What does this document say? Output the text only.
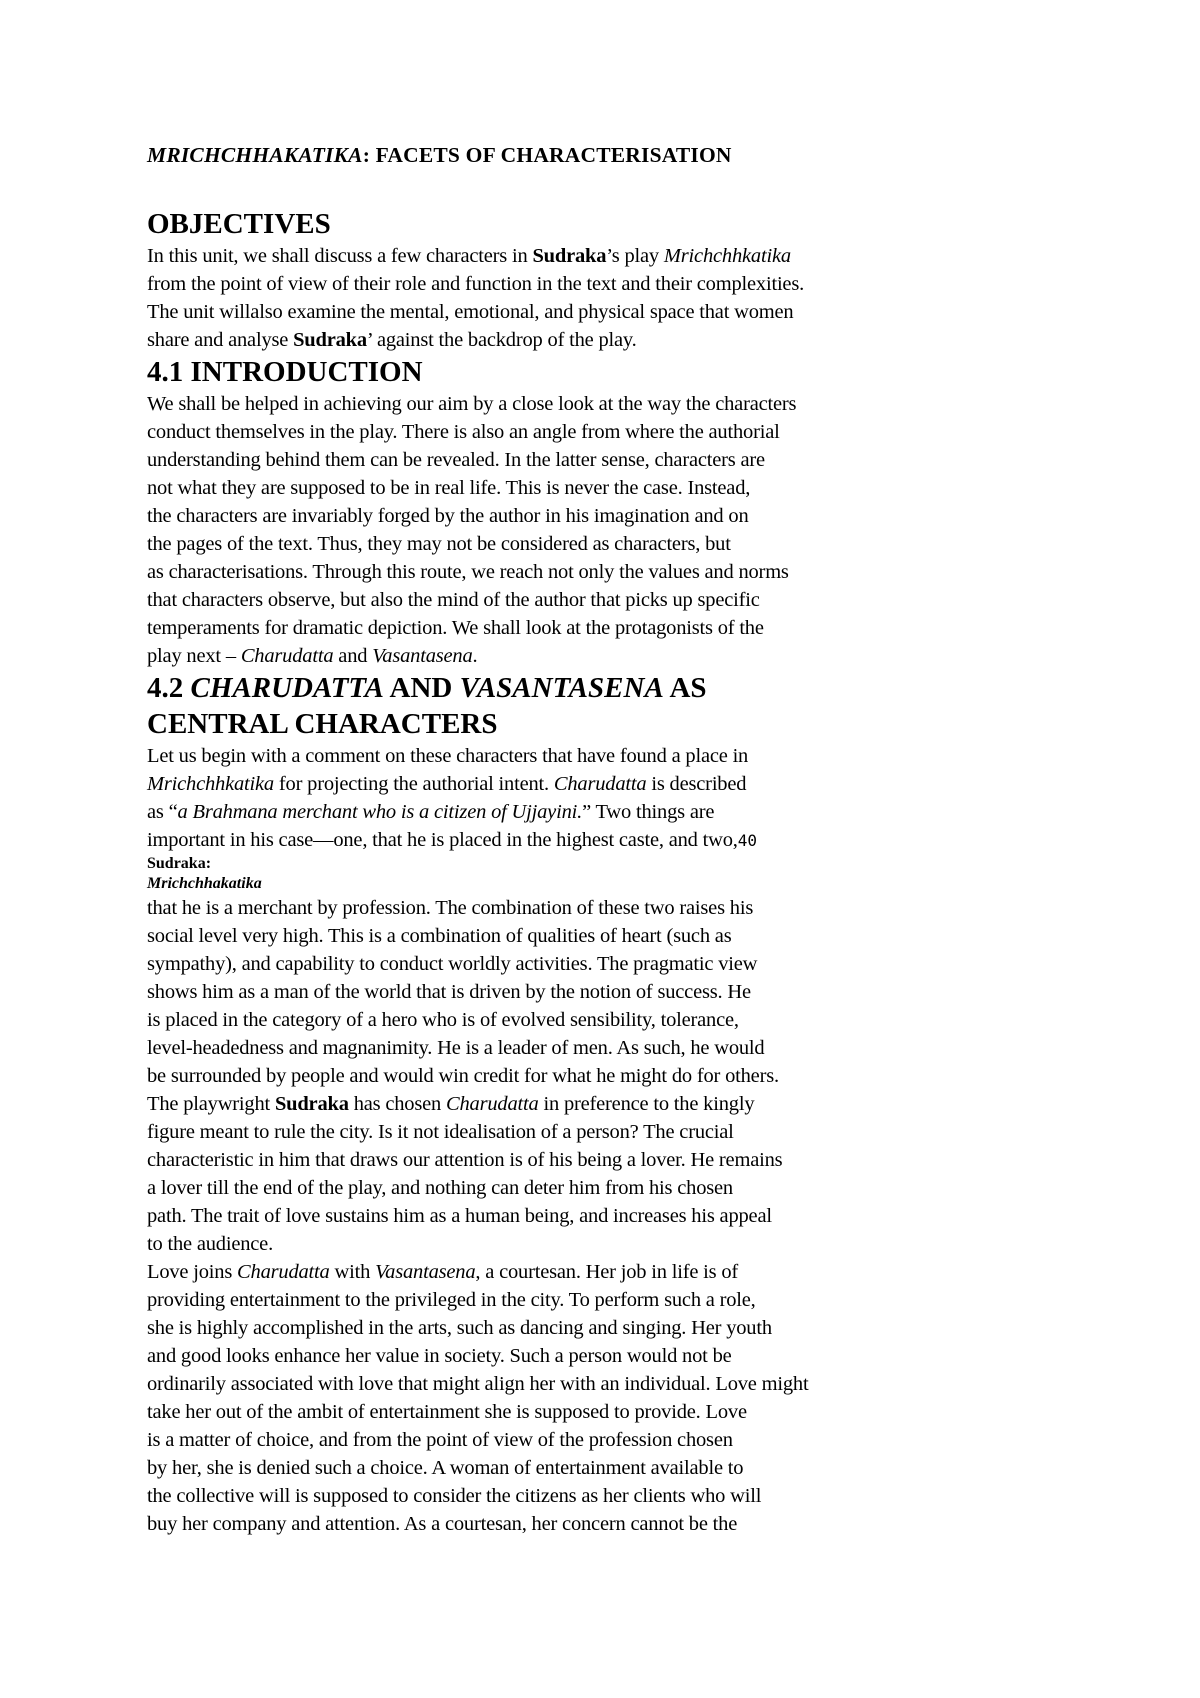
MRICHCHHAKATIKA: FACETS OF CHARACTERISATION
OBJECTIVES
In this unit, we shall discuss a few characters in Sudraka’s play Mrichchhkatika
from the point of view of their role and function in the text and their complexities.
The unit willalso examine the mental, emotional, and physical space that women
share and analyse Sudraka’ against the backdrop of the play.
4.1 INTRODUCTION
We shall be helped in achieving our aim by a close look at the way the characters
conduct themselves in the play. There is also an angle from where the authorial
understanding behind them can be revealed. In the latter sense, characters are
not what they are supposed to be in real life. This is never the case. Instead,
the characters are invariably forged by the author in his imagination and on
the pages of the text. Thus, they may not be considered as characters, but
as characterisations. Through this route, we reach not only the values and norms
that characters observe, but also the mind of the author that picks up specific
temperaments for dramatic depiction. We shall look at the protagonists of the
play next – Charudatta and Vasantasena.
4.2 CHARUDATTA AND VASANTASENA AS
CENTRAL CHARACTERS
Let us begin with a comment on these characters that have found a place in
Mrichchhkatika for projecting the authorial intent. Charudatta is described
as “a Brahmana merchant who is a citizen of Ujjayini.” Two things are
important in his case—one, that he is placed in the highest caste, and two,40
Sudraka:
Mrichchhakatika
that he is a merchant by profession. The combination of these two raises his
social level very high. This is a combination of qualities of heart (such as
sympathy), and capability to conduct worldly activities. The pragmatic view
shows him as a man of the world that is driven by the notion of success. He
is placed in the category of a hero who is of evolved sensibility, tolerance,
level-headedness and magnanimity. He is a leader of men. As such, he would
be surrounded by people and would win credit for what he might do for others.
The playwright Sudraka has chosen Charudatta in preference to the kingly
figure meant to rule the city. Is it not idealisation of a person? The crucial
characteristic in him that draws our attention is of his being a lover. He remains
a lover till the end of the play, and nothing can deter him from his chosen
path. The trait of love sustains him as a human being, and increases his appeal
to the audience.
Love joins Charudatta with Vasantasena, a courtesan. Her job in life is of
providing entertainment to the privileged in the city. To perform such a role,
she is highly accomplished in the arts, such as dancing and singing. Her youth
and good looks enhance her value in society. Such a person would not be
ordinarily associated with love that might align her with an individual. Love might
take her out of the ambit of entertainment she is supposed to provide. Love
is a matter of choice, and from the point of view of the profession chosen
by her, she is denied such a choice. A woman of entertainment available to
the collective will is supposed to consider the citizens as her clients who will
buy her company and attention. As a courtesan, her concern cannot be the
